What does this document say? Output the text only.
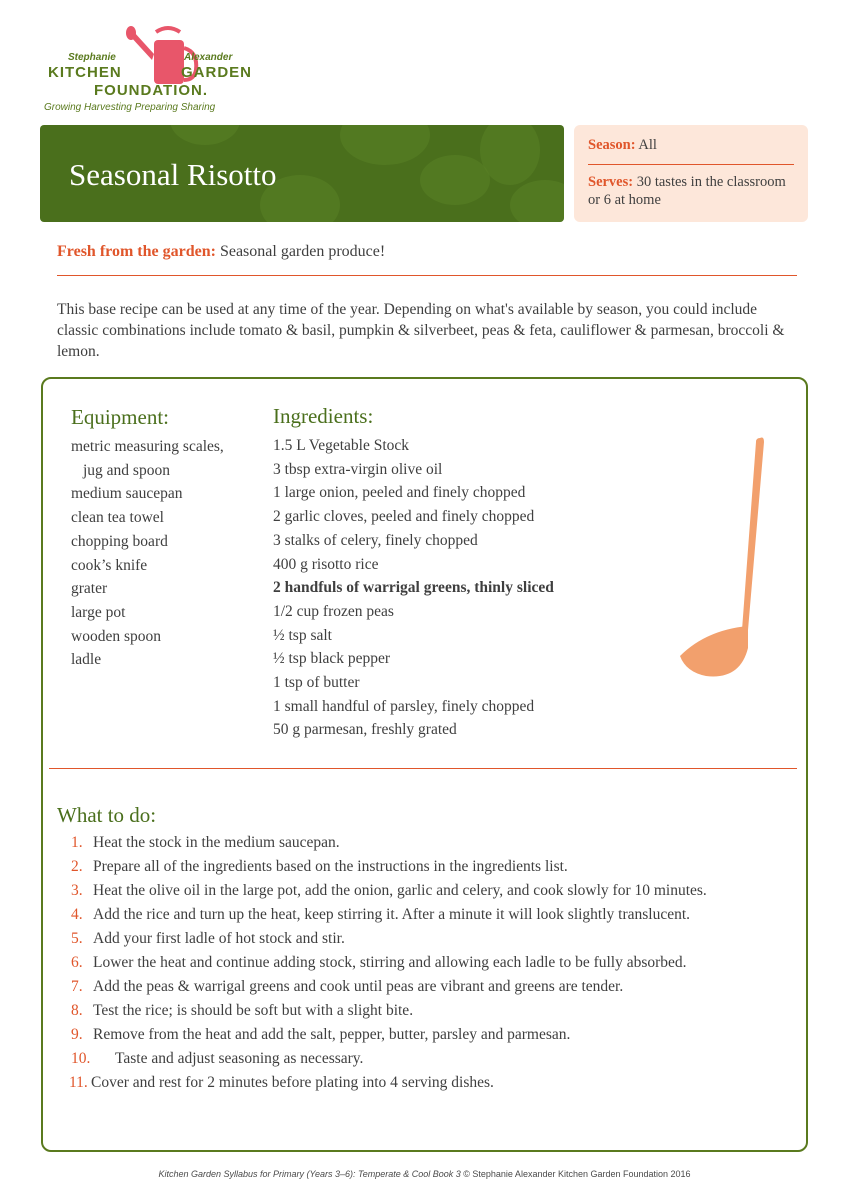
Stephanie	Alexander
KITCHEN	GARDEN
FOUNDATION.
Growing Harvesting Preparing Sharing
Seasonal Risotto
Season: All
Serves: 30 tastes in the classroom or 6 at home
Fresh from the garden: Seasonal garden produce!

This base recipe can be used at any time of the year. Depending on what's available by season, you could include classic combinations include tomato & basil, pumpkin & silverbeet, peas & feta, cauliflower & parmesan, broccoli & lemon.

Equipment:
metric measuring scales,
jug and spoon
medium saucepan
clean tea towel
chopping board
cook’s knife
grater
large pot
wooden spoon
ladle
Ingredients:
1.5 L Vegetable Stock
3 tbsp extra-virgin olive oil
1 large onion, peeled and finely chopped
2 garlic cloves, peeled and finely chopped
3 stalks of celery, finely chopped
400 g risotto rice
2 handfuls of warrigal greens, thinly sliced
1/2 cup frozen peas
½ tsp salt
½ tsp black pepper
1 tsp of butter
1 small handful of parsley, finely chopped
50 g parmesan, freshly grated
What to do:
1. Heat the stock in the medium saucepan.
2. Prepare all of the ingredients based on the instructions in the ingredients list.
3. Heat the olive oil in the large pot, add the onion, garlic and celery, and cook slowly for 10 minutes.
4. Add the rice and turn up the heat, keep stirring it. After a minute it will look slightly translucent.
5. Add your first ladle of hot stock and stir.
6. Lower the heat and continue adding stock, stirring and allowing each ladle to be fully absorbed.
7. Add the peas & warrigal greens and cook until peas are vibrant and greens are tender.
8. Test the rice; is should be soft but with a slight bite.
9. Remove from the heat and add the salt, pepper, butter, parsley and parmesan.
10.	Taste and adjust seasoning as necessary.
11. Cover and rest for 2 minutes before plating into 4 serving dishes.
Kitchen Garden Syllabus for Primary (Years 3–6): Temperate & Cool Book 3 © Stephanie Alexander Kitchen Garden Foundation 2016
